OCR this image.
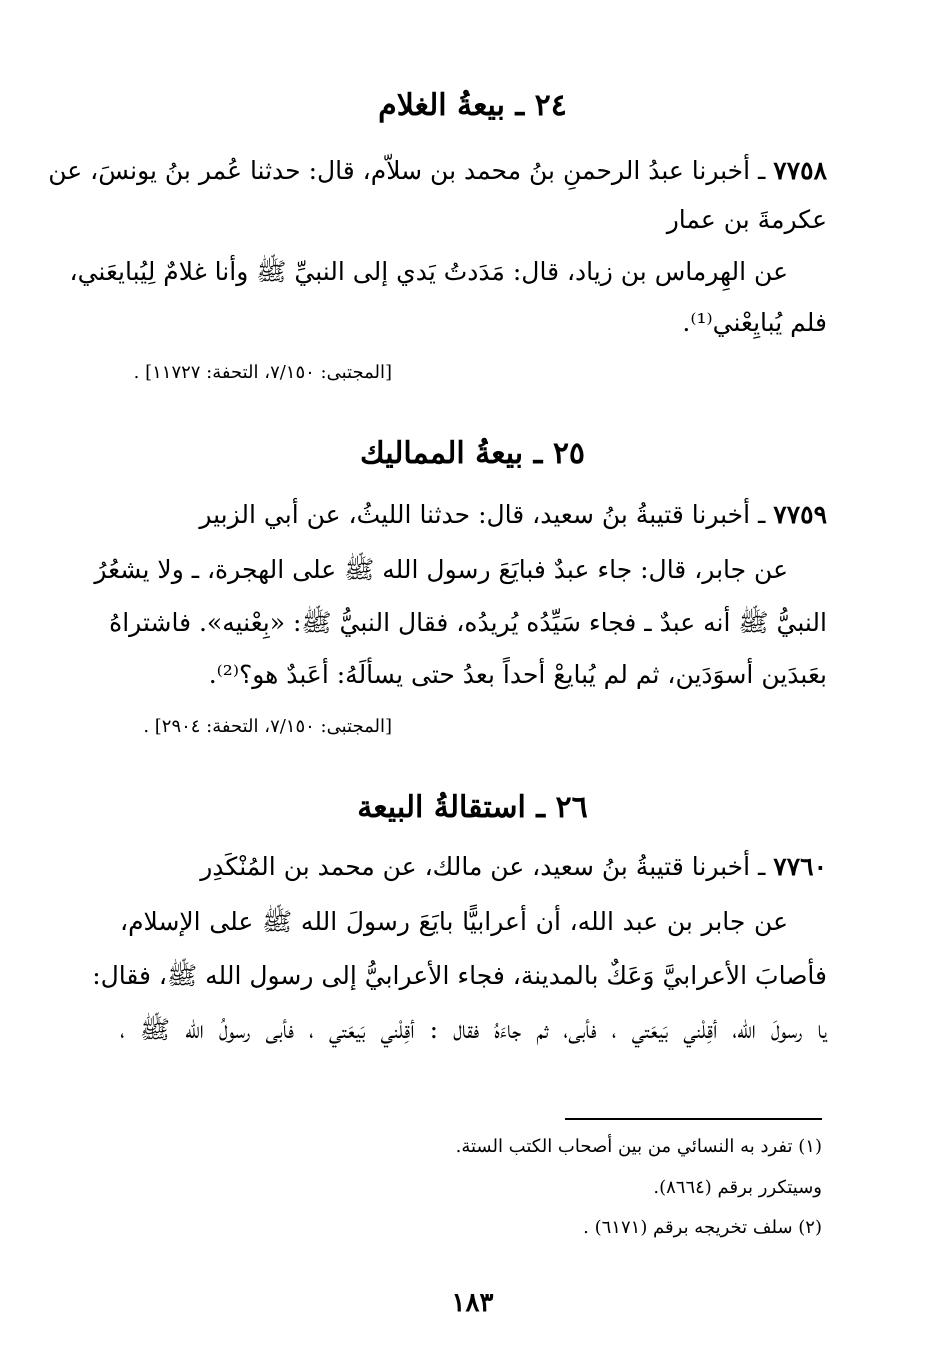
٢٤ ـ بيعةُ الغلام
٧٧٥٨ ـ أخبرنا عبدُ الرحمنِ بنُ محمد بن سلاّم، قال: حدثنا عُمر بنُ يونسَ، عن
عكرمةَ بن عمار
عن الهِرماس بن زياد، قال: مَدَدتُ يَدي إلى النبيِّ ﷺ وأنا غلامٌ لِيُبايعَني،
فلم يُبايِعْني⁽¹⁾.
[المجتبى: ٧/١٥٠، التحفة: ١١٧٢٧] .
٢٥ ـ بيعةُ المماليك
٧٧٥٩ ـ أخبرنا قتيبةُ بنُ سعيد، قال: حدثنا الليثُ، عن أبي الزبير
عن جابر، قال: جاء عبدٌ فبايَعَ رسول الله ﷺ على الهجرة، ـ ولا يشعُرُ
النبيُّ ﷺ أنه عبدٌ ـ فجاء سَيِّدُه يُريدُه، فقال النبيُّ ﷺ: «بِعْنيه». فاشتراهُ
بعَبدَين أسوَدَين، ثم لم يُبايعْ أحداً بعدُ حتى يسألَهُ: أعَبدٌ هو؟⁽²⁾.
[المجتبى: ٧/١٥٠، التحفة: ٢٩٠٤] .
٢٦ ـ استقالةُ البيعة
٧٧٦٠ ـ أخبرنا قتيبةُ بنُ سعيد، عن مالك، عن محمد بن المُنْكَدِر
عن جابر بن عبد الله، أن أعرابيًّا بايَعَ رسولَ الله ﷺ على الإسلام،
فأصابَ الأعرابيَّ وَعَكٌ بالمدينة، فجاء الأعرابيُّ إلى رسول الله ﷺ، فقال:
يا رسولَ الله، أقِلْني بَيعَتي ، فأبى، ثم جاءَهُ فقال : أقِلْني بَيعَتي ، فأبى رسولُ الله ﷺ ،
(١) تفرد به النسائي من بين أصحاب الكتب الستة.
وسيتكرر برقم (٨٦٦٤).
(٢) سلف تخريجه برقم (٦١٧١) .
١٨٣
